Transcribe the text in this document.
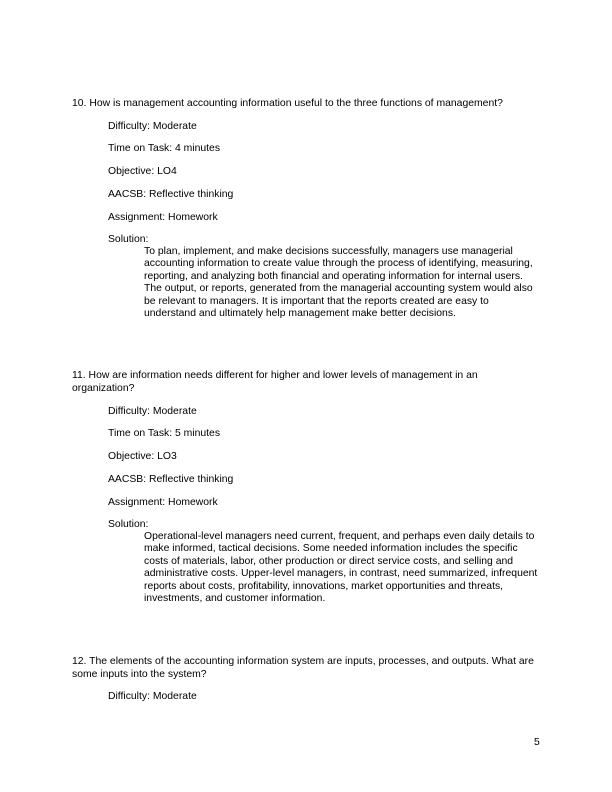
10. How is management accounting information useful to the three functions of management?
Difficulty: Moderate
Time on Task: 4 minutes
Objective: LO4
AACSB: Reflective thinking
Assignment: Homework
Solution:
To plan, implement, and make decisions successfully, managers use managerial accounting information to create value through the process of identifying, measuring, reporting, and analyzing both financial and operating information for internal users. The output, or reports, generated from the managerial accounting system would also be relevant to managers. It is important that the reports created are easy to understand and ultimately help management make better decisions.
11. How are information needs different for higher and lower levels of management in an organization?
Difficulty: Moderate
Time on Task: 5 minutes
Objective: LO3
AACSB: Reflective thinking
Assignment: Homework
Solution:
Operational-level managers need current, frequent, and perhaps even daily details to make informed, tactical decisions. Some needed information includes the specific costs of materials, labor, other production or direct service costs, and selling and administrative costs. Upper-level managers, in contrast, need summarized, infrequent reports about costs, profitability, innovations, market opportunities and threats, investments, and customer information.
12. The elements of the accounting information system are inputs, processes, and outputs. What are some inputs into the system?
Difficulty: Moderate
5
